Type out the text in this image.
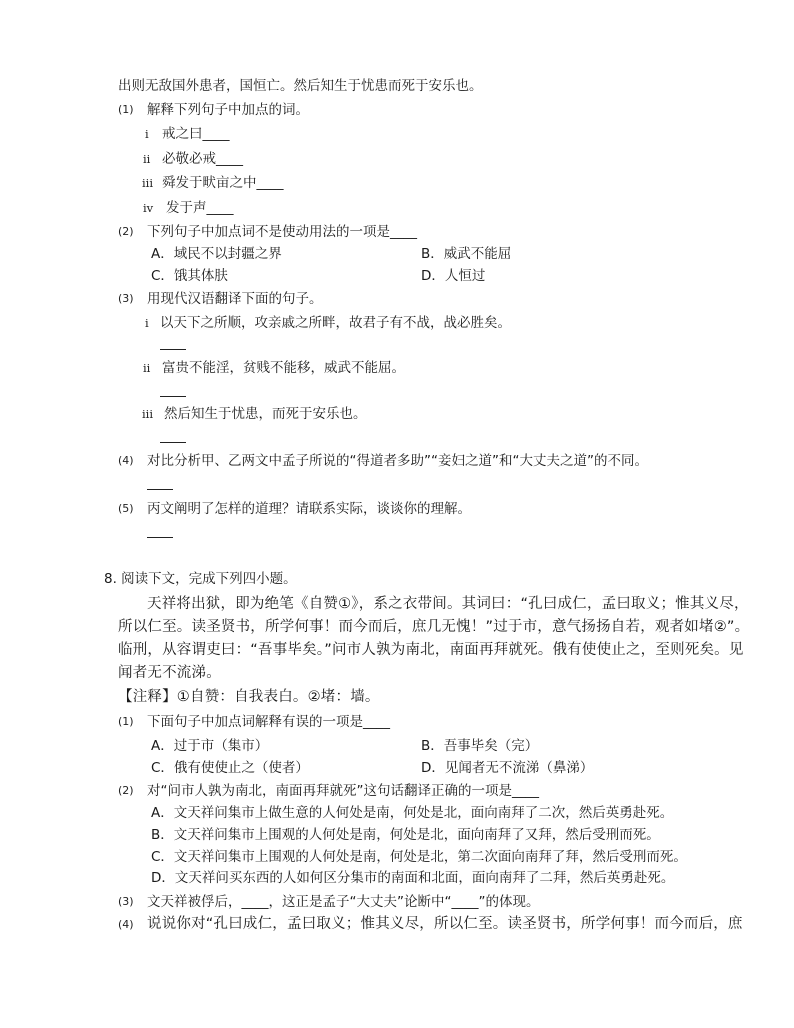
出则无敌国外患者，国恒亡。然后知生于忧患而死于安乐也。
(1) 解释下列句子中加点的词。
i 戒之曰____
ii 必敬必戒____
iii 舜发于畎亩之中____
iv 发于声____
(2) 下列句子中加点词不是使动用法的一项是____
A．域民不以封疆之界	B．威武不能屈
C．饿其体肤	D．人恒过
(3) 用现代汉语翻译下面的句子。
i 以天下之所顺，攻亲戚之所畔，故君子有不战，战必胜矣。
ii 富贵不能淫，贫贱不能移，威武不能屈。
iii 然后知生于忧患，而死于安乐也。
(4) 对比分析甲、乙两文中孟子所说的“得道者多助”“妾妇之道”和“大丈夫之道”的不同。
(5) 丙文阐明了怎样的道理？请联系实际，谈谈你的理解。
8. 阅读下文，完成下列四小题。
天祥将出狱，即为绝笔《自赞①》，系之衣带间。其词曰：“孔曰成仁，孟曰取义；惟其义尽，
所以仁至。读圣贤书，所学何事！而今而后，庶几无愧！”过于市，意气扬扬自若，观者如堵②”。
临刑，从容谓吏曰：“吾事毕矣。”问市人孰为南北，南面再拜就死。俄有使使止之，至则死矣。见
闻者无不流涕。
【注释】①自赞：自我表白。②堵：墙。
(1) 下面句子中加点词解释有误的一项是____
A．过于市（集市）	B．吾事毕矣（完）
C．俄有使使止之（使者）	D．见闻者无不流涕（鼻涕）
(2) 对“问市人孰为南北，南面再拜就死”这句话翻译正确的一项是____
A．文天祥问集市上做生意的人何处是南，何处是北，面向南拜了二次，然后英勇赴死。
B．文天祥问集市上围观的人何处是南，何处是北，面向南拜了又拜，然后受刑而死。
C．文天祥问集市上围观的人何处是南，何处是北，第二次面向南拜了拜，然后受刑而死。
D．文天祥问买东西的人如何区分集市的南面和北面，面向南拜了二拜，然后英勇赴死。
(3) 文天祥被俘后，____，这正是孟子“大丈夫”论断中“____”的体现。
(4) 说说你对“孔曰成仁，孟曰取义；惟其义尽，所以仁至。读圣贤书，所学何事！而今而后，庶
